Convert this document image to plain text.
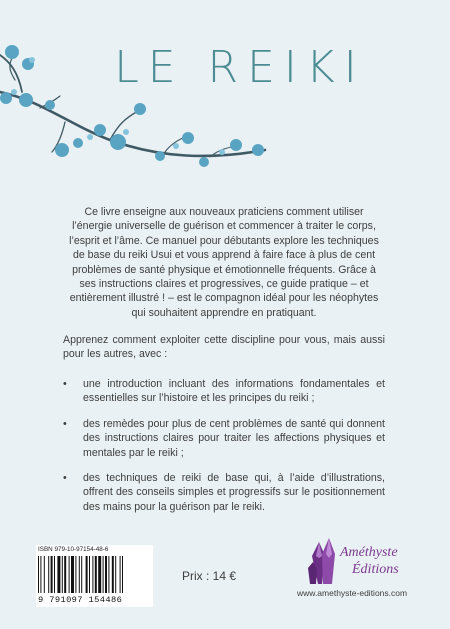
LE REIKI

Ce livre enseigne aux nouveaux praticiens comment utiliser l’énergie universelle de guérison et commencer à traiter le corps, l’esprit et l’âme. Ce manuel pour débutants explore les techniques de base du reiki Usui et vous apprend à faire face à plus de cent problèmes de santé physique et émotionnelle fréquents. Grâce à ses instructions claires et progressives, ce guide pratique – et entièrement illustré ! – est le compagnon idéal pour les néophytes qui souhaitent apprendre en pratiquant.

Apprenez comment exploiter cette discipline pour vous, mais aussi pour les autres, avec :

• une introduction incluant des informations fondamentales et essentielles sur l’histoire et les principes du reiki ;
• des remèdes pour plus de cent problèmes de santé qui donnent des instructions claires pour traiter les affections physiques et mentales par le reiki ;
• des techniques de reiki de base qui, à l’aide d’illustrations, offrent des conseils simples et progressifs sur le positionnement des mains pour la guérison par le reiki.
ISBN 979-10-97154-48-6
9 791097 154486
Prix : 14 €
Améthyste
Éditions
www.amethyste-editions.com
